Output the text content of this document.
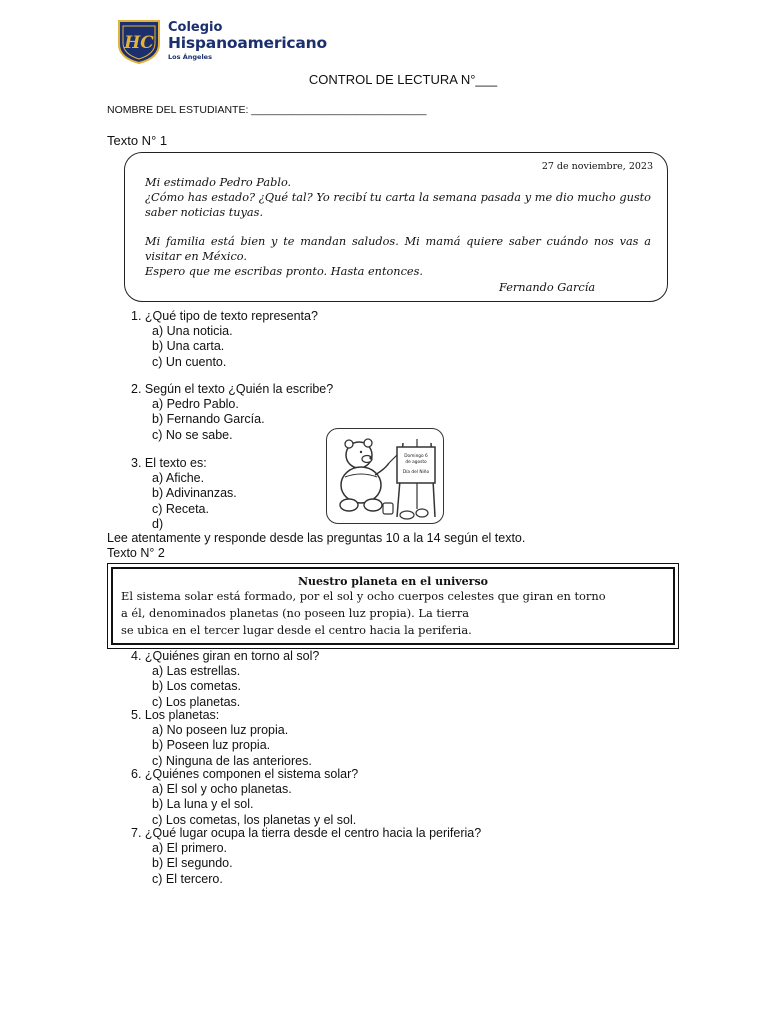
HC
Colegio
Hispanoamericano
Los Ángeles
CONTROL DE LECTURA N°___
NOMBRE DEL ESTUDIANTE: ______________________________
Texto N° 1
27 de noviembre, 2023
Mi estimado Pedro Pablo.
¿Cómo has estado? ¿Qué tal? Yo recibí tu carta la semana pasada y me dio mucho gusto saber noticias tuyas.
Mi familia está bien y te mandan saludos. Mi mamá quiere saber cuándo nos vas a visitar en México.
Espero que me escribas pronto. Hasta entonces.
Fernando García
1. ¿Qué tipo de texto representa?
a) Una noticia.
b) Una carta.
c) Un cuento.
2. Según el texto ¿Quién la escribe?
a) Pedro Pablo.
b) Fernando García.
c) No se sabe.
3. El texto es:
a) Afiche.
b) Adivinanzas.
c) Receta.
d)
Domingo 6
de agosto
Día del Niño
Lee atentamente y responde desde las preguntas 10 a la 14 según el texto.
Texto N° 2
Nuestro planeta en el universo
El sistema solar está formado, por el sol y ocho cuerpos celestes que giran en torno
a él, denominados planetas (no poseen luz propia). La tierra
se ubica en el tercer lugar desde el centro hacia la periferia.
4. ¿Quiénes giran en torno al sol?
a) Las estrellas.
b) Los cometas.
c) Los planetas.
5. Los planetas:
a) No poseen luz propia.
b) Poseen luz propia.
c) Ninguna de las anteriores.
6. ¿Quiénes componen el sistema solar?
a) El sol y ocho planetas.
b) La luna y el sol.
c) Los cometas, los planetas y el sol.
7. ¿Qué lugar ocupa la tierra desde el centro hacia la periferia?
a) El primero.
b) El segundo.
c) El tercero.
